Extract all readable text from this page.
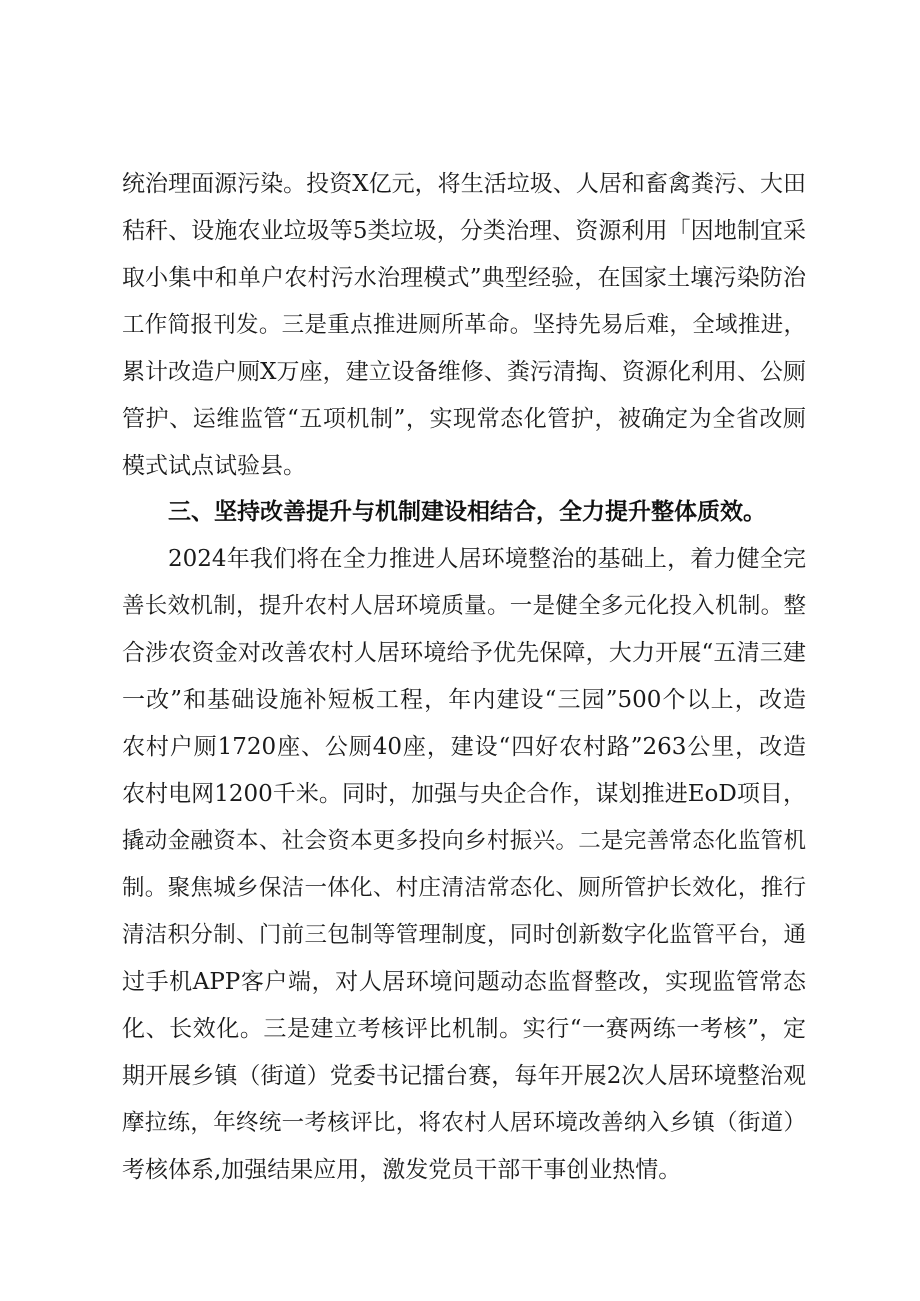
统治理面源污染。投资X亿元，将生活垃圾、人居和畜禽粪污、大田
秸秆、设施农业垃圾等5类垃圾，分类治理、资源利用「因地制宜采
取小集中和单户农村污水治理模式”典型经验，在国家土壤污染防治
工作简报刊发。三是重点推进厕所革命。坚持先易后难，全域推进，
累计改造户厕X万座，建立设备维修、粪污清掏、资源化利用、公厕
管护、运维监管“五项机制”，实现常态化管护，被确定为全省改厕
模式试点试验县。
三、坚持改善提升与机制建设相结合，全力提升整体质效。
2024年我们将在全力推进人居环境整治的基础上，着力健全完
善长效机制，提升农村人居环境质量。一是健全多元化投入机制。整
合涉农资金对改善农村人居环境给予优先保障，大力开展“五清三建
一改”和基础设施补短板工程，年内建设“三园”500个以上，改造
农村户厕1720座、公厕40座，建设“四好农村路”263公里，改造
农村电网1200千米。同时，加强与央企合作，谋划推进EoD项目，
撬动金融资本、社会资本更多投向乡村振兴。二是完善常态化监管机
制。聚焦城乡保洁一体化、村庄清洁常态化、厕所管护长效化，推行
清洁积分制、门前三包制等管理制度，同时创新数字化监管平台，通
过手机APP客户端，对人居环境问题动态监督整改，实现监管常态
化、长效化。三是建立考核评比机制。实行“一赛两练一考核”，定
期开展乡镇（街道）党委书记擂台赛，每年开展2次人居环境整治观
摩拉练，年终统一考核评比，将农村人居环境改善纳入乡镇（街道）
考核体系,加强结果应用，激发党员干部干事创业热情。
